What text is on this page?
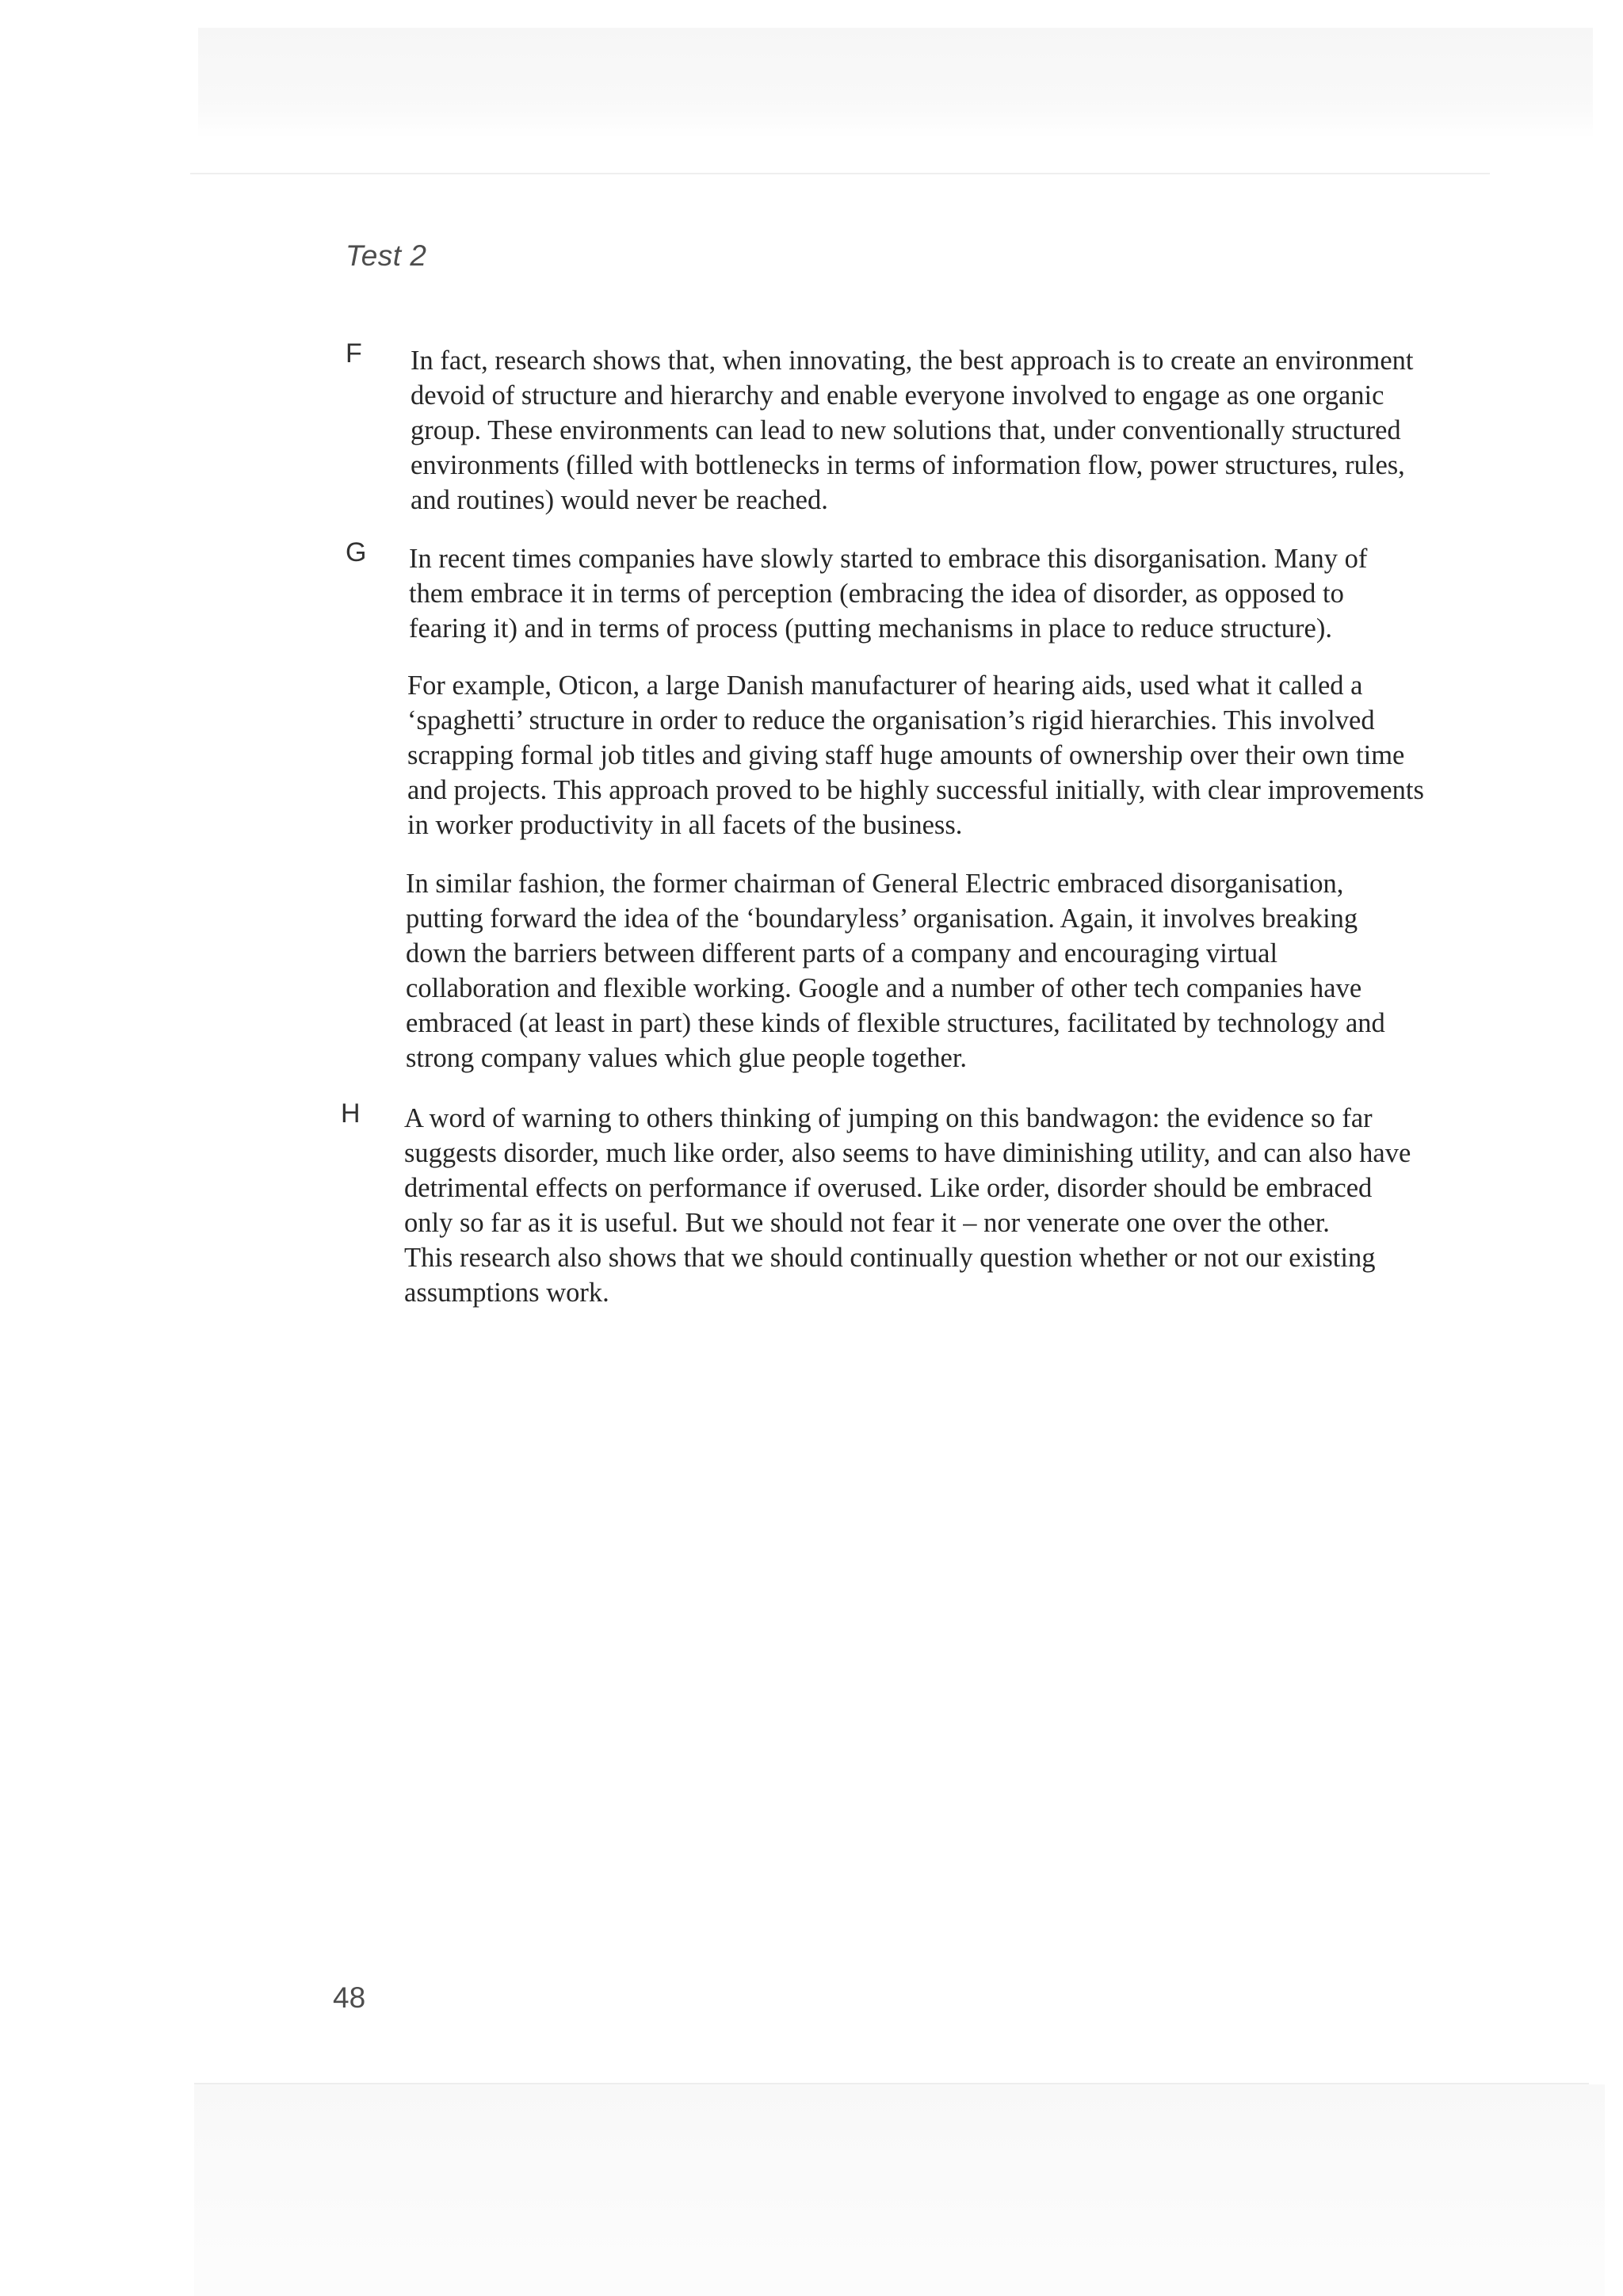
Test 2
F In fact, research shows that, when innovating, the best approach is to create an environment
devoid of structure and hierarchy and enable everyone involved to engage as one organic
group. These environments can lead to new solutions that, under conventionally structured
environments (filled with bottlenecks in terms of information flow, power structures, rules,
and routines) would never be reached.
G In recent times companies have slowly started to embrace this disorganisation. Many of
them embrace it in terms of perception (embracing the idea of disorder, as opposed to
fearing it) and in terms of process (putting mechanisms in place to reduce structure).
For example, Oticon, a large Danish manufacturer of hearing aids, used what it called a
‘spaghetti’ structure in order to reduce the organisation’s rigid hierarchies. This involved
scrapping formal job titles and giving staff huge amounts of ownership over their own time
and projects. This approach proved to be highly successful initially, with clear improvements
in worker productivity in all facets of the business.
In similar fashion, the former chairman of General Electric embraced disorganisation,
putting forward the idea of the ‘boundaryless’ organisation. Again, it involves breaking
down the barriers between different parts of a company and encouraging virtual
collaboration and flexible working. Google and a number of other tech companies have
embraced (at least in part) these kinds of flexible structures, facilitated by technology and
strong company values which glue people together.
H A word of warning to others thinking of jumping on this bandwagon: the evidence so far
suggests disorder, much like order, also seems to have diminishing utility, and can also have
detrimental effects on performance if overused. Like order, disorder should be embraced
only so far as it is useful. But we should not fear it – nor venerate one over the other.
This research also shows that we should continually question whether or not our existing
assumptions work.
48
